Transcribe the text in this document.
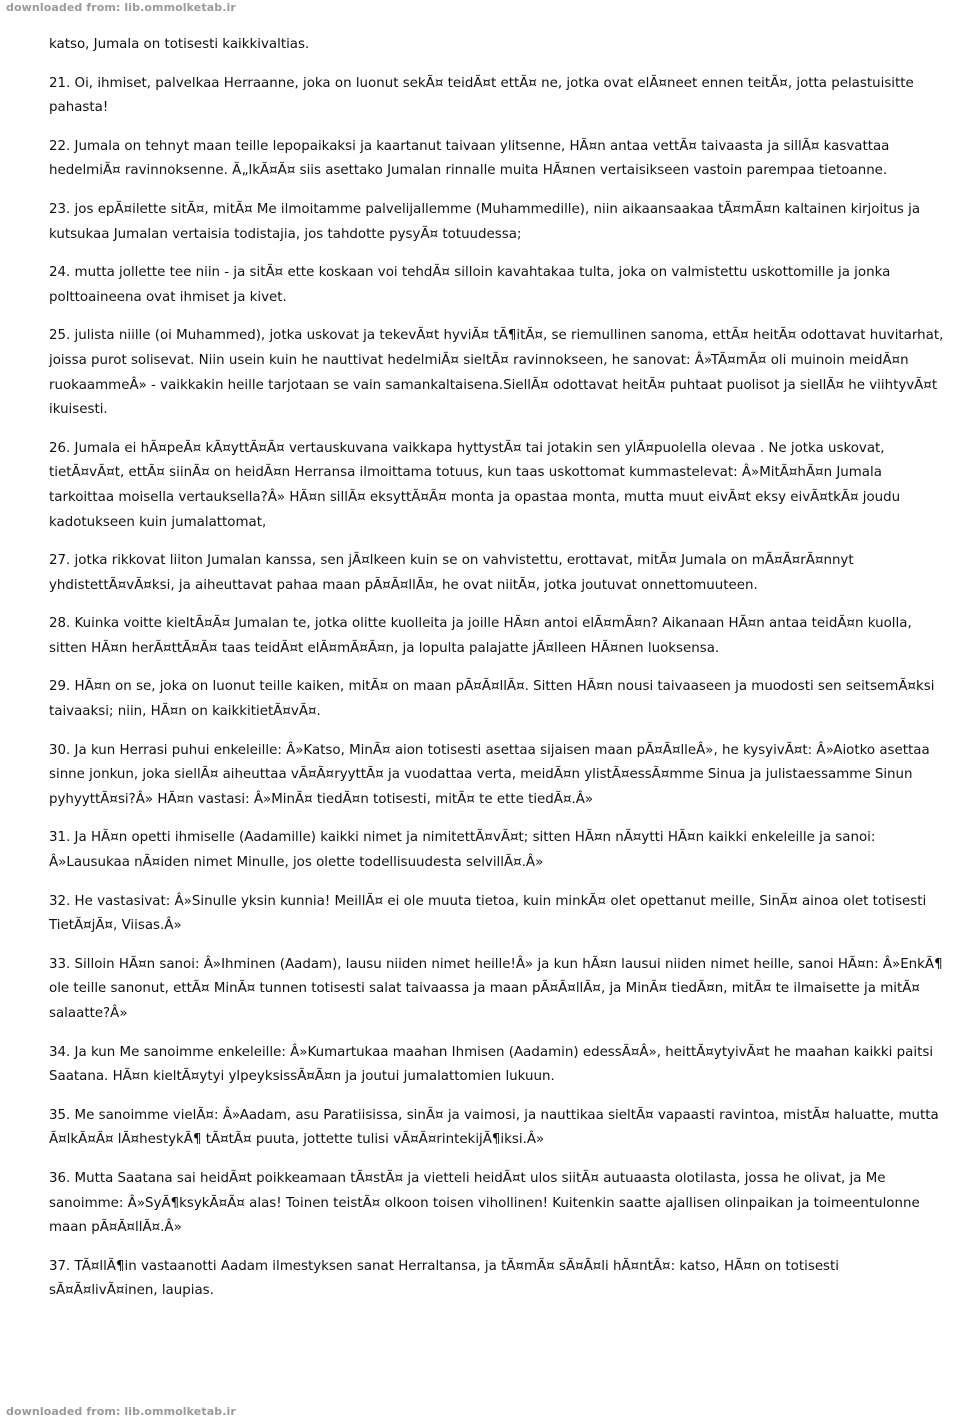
downloaded from: lib.ommolketab.ir

katso, Jumala on totisesti kaikkivaltias.

21. Oi, ihmiset, palvelkaa Herraanne, joka on luonut sekÃ¤ teidÃ¤t ettÃ¤ ne, jotka ovat elÃ¤neet ennen teitÃ¤, jotta pelastuisitte pahasta!

22. Jumala on tehnyt maan teille lepopaikaksi ja kaartanut taivaan ylitsenne, HÃ¤n antaa vettÃ¤ taivaasta ja sillÃ¤ kasvattaa hedelmiÃ¤ ravinnoksenne. Ã„lkÃ¤Ã¤ siis asettako Jumalan rinnalle muita HÃ¤nen vertaisikseen vastoin parempaa tietoanne.

23. jos epÃ¤ilette sitÃ¤, mitÃ¤ Me ilmoitamme palvelijallemme (Muhammedille), niin aikaansaakaa tÃ¤mÃ¤n kaltainen kirjoitus ja kutsukaa Jumalan vertaisia todistajia, jos tahdotte pysyÃ¤ totuudessa;

24. mutta jollette tee niin - ja sitÃ¤ ette koskaan voi tehdÃ¤ silloin kavahtakaa tulta, joka on valmistettu uskottomille ja jonka polttoaineena ovat ihmiset ja kivet.

25. julista niille (oi Muhammed), jotka uskovat ja tekevÃ¤t hyviÃ¤ tÃ¶itÃ¤, se riemullinen sanoma, ettÃ¤ heitÃ¤ odottavat huvitarhat, joissa purot solisevat. Niin usein kuin he nauttivat hedelmiÃ¤ sieltÃ¤ ravinnokseen, he sanovat: Â»TÃ¤mÃ¤ oli muinoin meidÃ¤n ruokaammeÂ» - vaikkakin heille tarjotaan se vain samankaltaisena.SiellÃ¤ odottavat heitÃ¤ puhtaat puolisot ja siellÃ¤ he viihtyvÃ¤t ikuisesti.

26. Jumala ei hÃ¤peÃ¤ kÃ¤yttÃ¤Ã¤ vertauskuvana vaikkapa hyttystÃ¤ tai jotakin sen ylÃ¤puolella olevaa . Ne jotka uskovat, tietÃ¤vÃ¤t, ettÃ¤ siinÃ¤ on heidÃ¤n Herransa ilmoittama totuus, kun taas uskottomat kummastelevat: Â»MitÃ¤hÃ¤n Jumala tarkoittaa moisella vertauksella?Â» HÃ¤n sillÃ¤ eksyttÃ¤Ã¤ monta ja opastaa monta, mutta muut eivÃ¤t eksy eivÃ¤tkÃ¤ joudu kadotukseen kuin jumalattomat,

27. jotka rikkovat liiton Jumalan kanssa, sen jÃ¤lkeen kuin se on vahvistettu, erottavat, mitÃ¤ Jumala on mÃ¤Ã¤rÃ¤nnyt yhdistettÃ¤vÃ¤ksi, ja aiheuttavat pahaa maan pÃ¤Ã¤llÃ¤, he ovat niitÃ¤, jotka joutuvat onnettomuuteen.

28. Kuinka voitte kieltÃ¤Ã¤ Jumalan te, jotka olitte kuolleita ja joille HÃ¤n antoi elÃ¤mÃ¤n? Aikanaan HÃ¤n antaa teidÃ¤n kuolla, sitten HÃ¤n herÃ¤ttÃ¤Ã¤ taas teidÃ¤t elÃ¤mÃ¤Ã¤n, ja lopulta palajatte jÃ¤lleen HÃ¤nen luoksensa.

29. HÃ¤n on se, joka on luonut teille kaiken, mitÃ¤ on maan pÃ¤Ã¤llÃ¤. Sitten HÃ¤n nousi taivaaseen ja muodosti sen seitsemÃ¤ksi taivaaksi; niin, HÃ¤n on kaikkitietÃ¤vÃ¤.

30. Ja kun Herrasi puhui enkeleille: Â»Katso, MinÃ¤ aion totisesti asettaa sijaisen maan pÃ¤Ã¤lleÂ», he kysyivÃ¤t: Â»Aiotko asettaa sinne jonkun, joka siellÃ¤ aiheuttaa vÃ¤Ã¤ryyttÃ¤ ja vuodattaa verta, meidÃ¤n ylistÃ¤essÃ¤mme Sinua ja julistaessamme Sinun pyhyyttÃ¤si?Â» HÃ¤n vastasi: Â»MinÃ¤ tiedÃ¤n totisesti, mitÃ¤ te ette tiedÃ¤.Â»

31. Ja HÃ¤n opetti ihmiselle (Aadamille) kaikki nimet ja nimitettÃ¤vÃ¤t; sitten HÃ¤n nÃ¤ytti HÃ¤n kaikki enkeleille ja sanoi: Â»Lausukaa nÃ¤iden nimet Minulle, jos olette todellisuudesta selvillÃ¤.Â»

32. He vastasivat: Â»Sinulle yksin kunnia! MeillÃ¤ ei ole muuta tietoa, kuin minkÃ¤ olet opettanut meille, SinÃ¤ ainoa olet totisesti TietÃ¤jÃ¤, Viisas.Â»

33. Silloin HÃ¤n sanoi: Â»Ihminen (Aadam), lausu niiden nimet heille!Â» ja kun hÃ¤n lausui niiden nimet heille, sanoi HÃ¤n: Â»EnkÃ¶ ole teille sanonut, ettÃ¤ MinÃ¤ tunnen totisesti salat taivaassa ja maan pÃ¤Ã¤llÃ¤, ja MinÃ¤ tiedÃ¤n, mitÃ¤ te ilmaisette ja mitÃ¤ salaatte?Â»

34. Ja kun Me sanoimme enkeleille: Â»Kumartukaa maahan Ihmisen (Aadamin) edessÃ¤Â», heittÃ¤ytyivÃ¤t he maahan kaikki paitsi Saatana. HÃ¤n kieltÃ¤ytyi ylpeyksissÃ¤Ã¤n ja joutui jumalattomien lukuun.

35. Me sanoimme vielÃ¤: Â»Aadam, asu Paratiisissa, sinÃ¤ ja vaimosi, ja nauttikaa sieltÃ¤ vapaasti ravintoa, mistÃ¤ haluatte, mutta Ã¤lkÃ¤Ã¤ lÃ¤hestykÃ¶ tÃ¤tÃ¤ puuta, jottette tulisi vÃ¤Ã¤rintekijÃ¶iksi.Â»

36. Mutta Saatana sai heidÃ¤t poikkeamaan tÃ¤stÃ¤ ja vietteli heidÃ¤t ulos siitÃ¤ autuaasta olotilasta, jossa he olivat, ja Me sanoimme: Â»SyÃ¶ksykÃ¤Ã¤ alas! Toinen teistÃ¤ olkoon toisen vihollinen! Kuitenkin saatte ajallisen olinpaikan ja toimeentulonne maan pÃ¤Ã¤llÃ¤.Â»

37. TÃ¤llÃ¶in vastaanotti Aadam ilmestyksen sanat Herraltansa, ja tÃ¤mÃ¤ sÃ¤Ã¤li hÃ¤ntÃ¤: katso, HÃ¤n on totisesti sÃ¤Ã¤livÃ¤inen, laupias.

downloaded from: lib.ommolketab.ir
